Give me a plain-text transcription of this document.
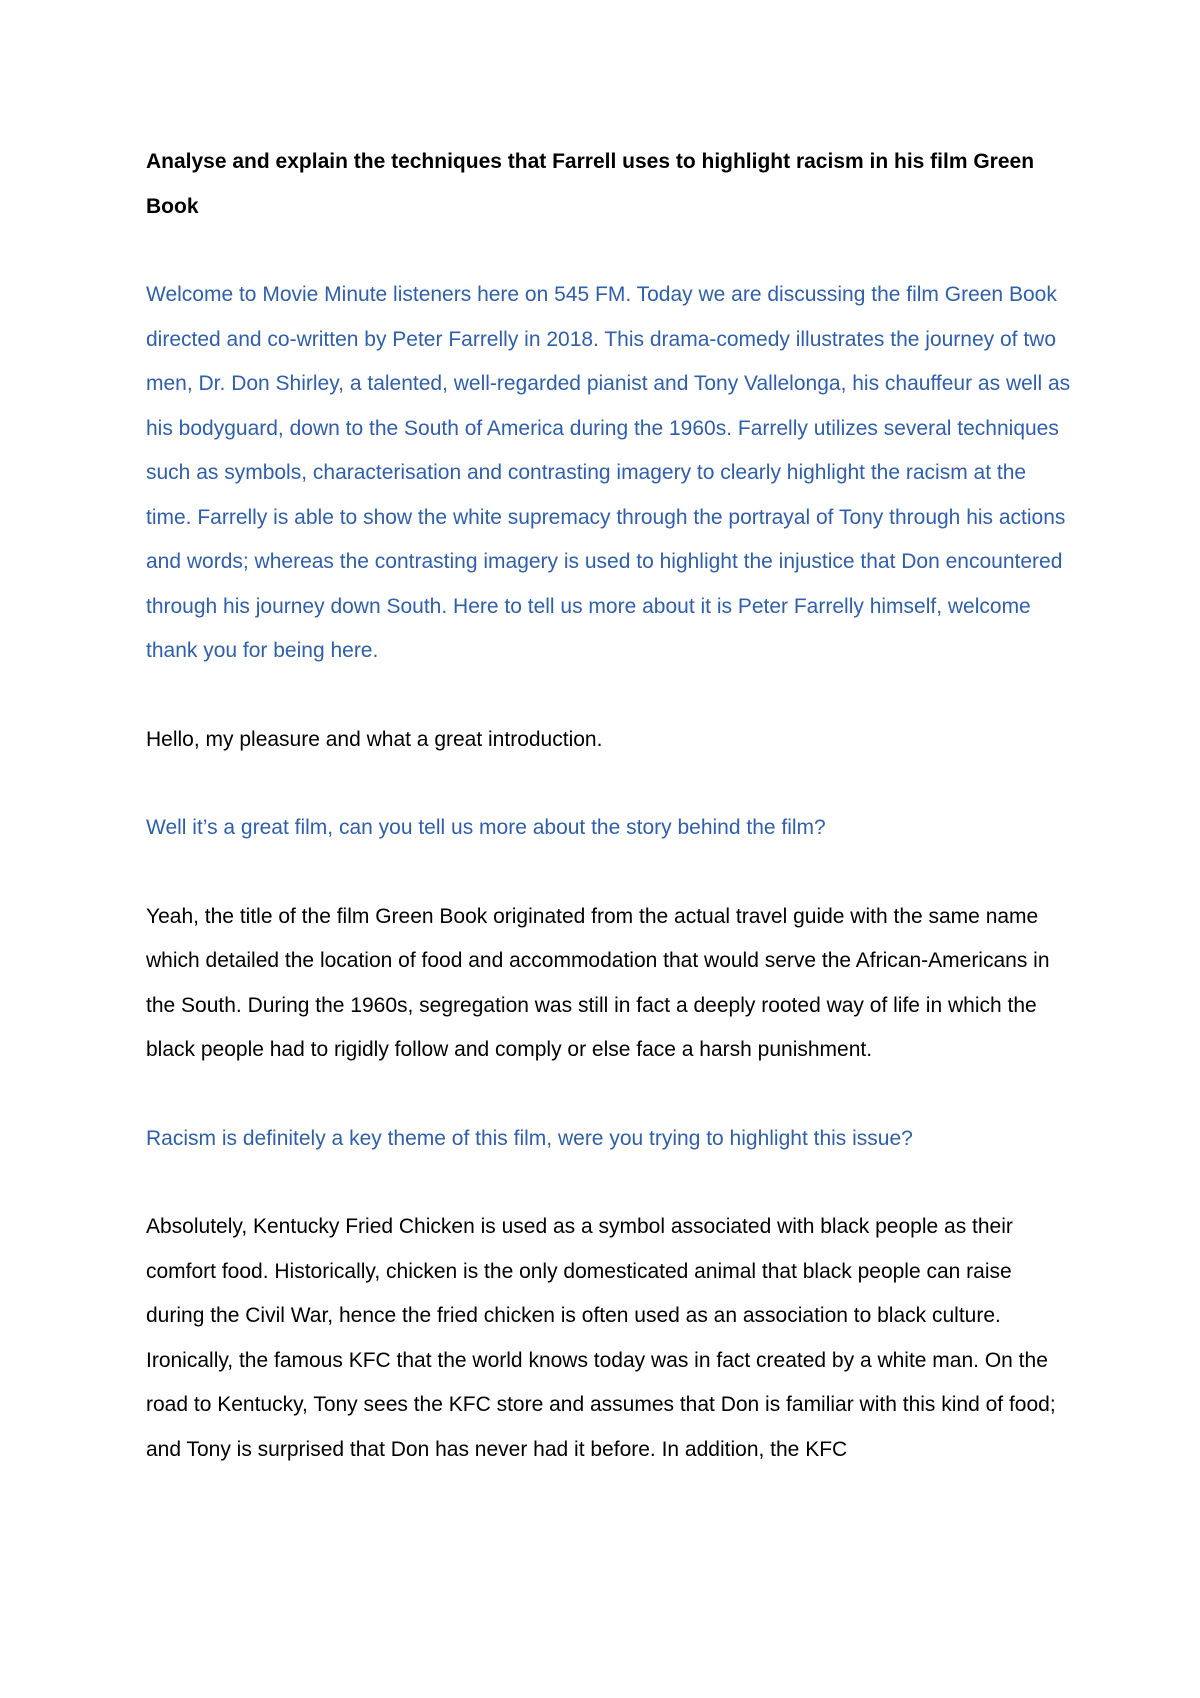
Analyse and explain the techniques that Farrell uses to highlight racism in his film Green Book

Welcome to Movie Minute listeners here on 545 FM. Today we are discussing the film Green Book directed and co-written by Peter Farrelly in 2018. This drama-comedy illustrates the journey of two men, Dr. Don Shirley, a talented, well-regarded pianist and Tony Vallelonga, his chauffeur as well as his bodyguard, down to the South of America during the 1960s. Farrelly utilizes several techniques such as symbols, characterisation and contrasting imagery to clearly highlight the racism at the time. Farrelly is able to show the white supremacy through the portrayal of Tony through his actions and words; whereas the contrasting imagery is used to highlight the injustice that Don encountered through his journey down South. Here to tell us more about it is Peter Farrelly himself, welcome thank you for being here.

Hello, my pleasure and what a great introduction.

Well it’s a great film, can you tell us more about the story behind the film?

Yeah, the title of the film Green Book originated from the actual travel guide with the same name which detailed the location of food and accommodation that would serve the African-Americans in the South. During the 1960s, segregation was still in fact a deeply rooted way of life in which the black people had to rigidly follow and comply or else face a harsh punishment.

Racism is definitely a key theme of this film, were you trying to highlight this issue?

Absolutely, Kentucky Fried Chicken is used as a symbol associated with black people as their comfort food. Historically, chicken is the only domesticated animal that black people can raise during the Civil War, hence the fried chicken is often used as an association to black culture. Ironically, the famous KFC that the world knows today was in fact created by a white man. On the road to Kentucky, Tony sees the KFC store and assumes that Don is familiar with this kind of food; and Tony is surprised that Don has never had it before. In addition, the KFC
